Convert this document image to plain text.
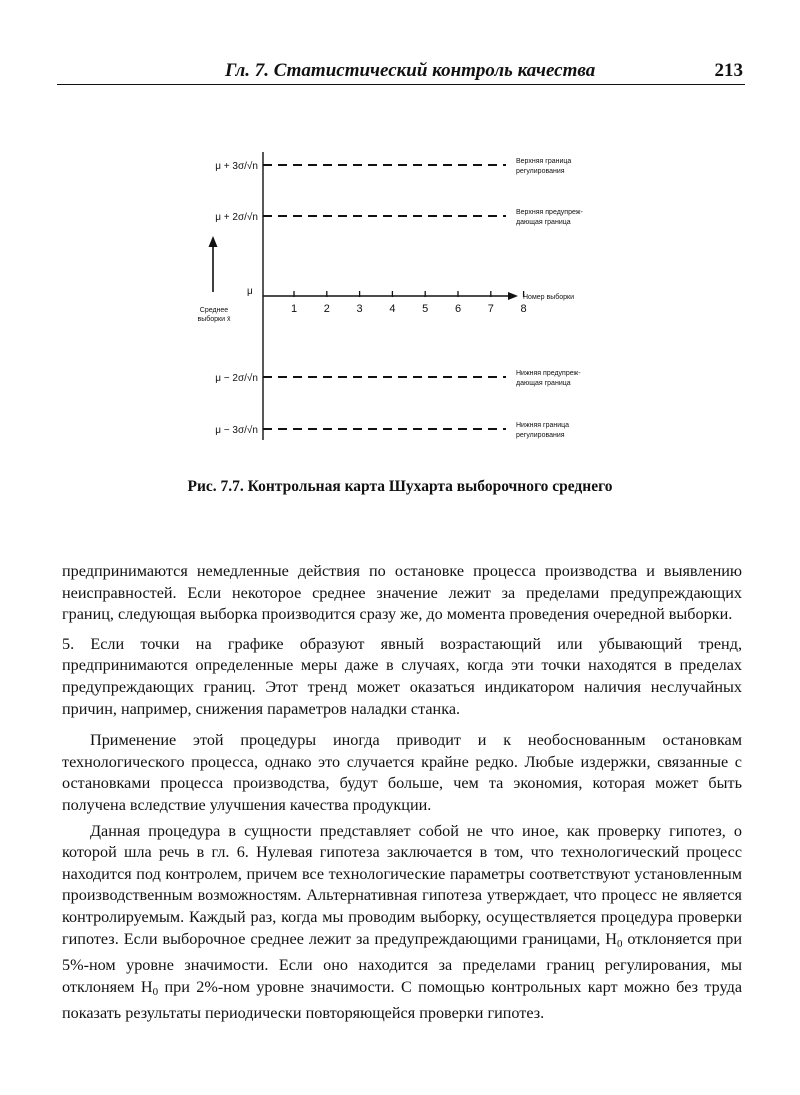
Гл. 7. Статистический контроль качества	213
μ + 3σ/√n	Верхняя граница
регулирования
μ + 2σ/√n	Верхняя предупреж-
дающая граница
μ − 2σ/√n	Нижняя предупреж-
дающая граница
μ − 3σ/√n	Нижняя граница
регулирования
Номер выборки
μ
1 2 3 4 5 6 7 8
Среднее
выборки x̄
Рис. 7.7. Контрольная карта Шухарта выборочного среднего

предпринимаются немедленные действия по остановке процесса производства и выявлению неисправностей. Если некоторое среднее значение лежит за пределами предупреждающих границ, следующая выборка производится сразу же, до момента проведения очередной выборки.

5. Если точки на графике образуют явный возрастающий или убывающий тренд, предпринимаются определенные меры даже в случаях, когда эти точки находятся в пределах предупреждающих границ. Этот тренд может оказаться индикатором наличия неслучайных причин, например, снижения параметров наладки станка.

Применение этой процедуры иногда приводит и к необоснованным остановкам технологического процесса, однако это случается крайне редко. Любые издержки, связанные с остановками процесса производства, будут больше, чем та экономия, которая может быть получена вследствие улучшения качества продукции.

Данная процедура в сущности представляет собой не что иное, как проверку гипотез, о которой шла речь в гл. 6. Нулевая гипотеза заключается в том, что технологический процесс находится под контролем, причем все технологические параметры соответствуют установленным производственным возможностям. Альтернативная гипотеза утверждает, что процесс не является контролируемым. Каждый раз, когда мы проводим выборку, осуществляется процедура проверки гипотез. Если выборочное среднее лежит за предупреждающими границами, $H_0$ отклоняется при 5%-ном уровне значимости. Если оно находится за пределами границ регулирования, мы отклоняем $H_0$ при 2%-ном уровне значимости. С помощью контрольных карт можно без труда показать результаты периодически повторяющейся проверки гипотез.
